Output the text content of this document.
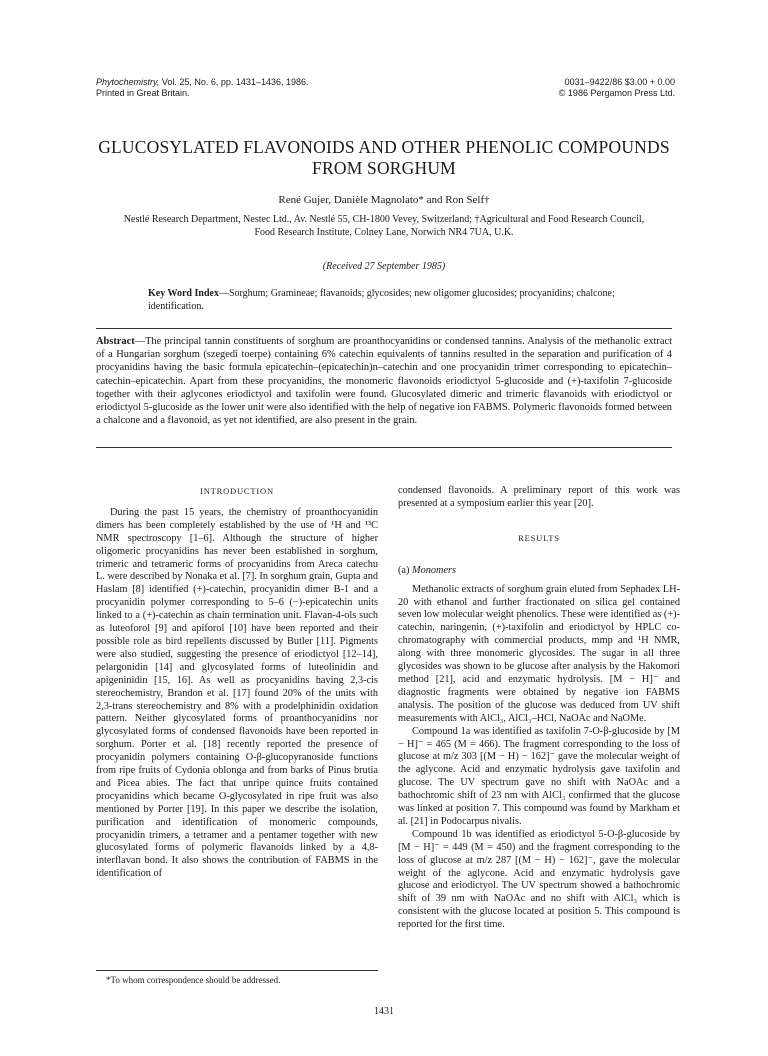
Phytochemistry, Vol. 25, No. 6, pp. 1431–1436, 1986.
Printed in Great Britain.
0031–9422/86 $3.00 + 0.00
© 1986 Pergamon Press Ltd.
GLUCOSYLATED FLAVONOIDS AND OTHER PHENOLIC COMPOUNDS
FROM SORGHUM
René Gujer, Danièle Magnolato* and Ron Self†
Nestlé Research Department, Nestec Ltd., Av. Nestlé 55, CH-1800 Vevey, Switzerland; †Agricultural and Food Research Council,
Food Research Institute, Colney Lane, Norwich NR4 7UA, U.K.
(Received 27 September 1985)
Key Word Index—Sorghum; Gramineae; flavanoids; glycosides; new oligomer glucosides; procyanidins; chalcone; identification.
Abstract—The principal tannin constituents of sorghum are proanthocyanidins or condensed tannins. Analysis of the methanolic extract of a Hungarian sorghum (szegedi toerpe) containing 6% catechin equivalents of tannins resulted in the separation and purification of 4 procyanidins having the basic formula epicatechin–(epicatechin)n–catechin and one procyanidin trimer corresponding to epicatechin–catechin–epicatechin. Apart from these procyanidins, the monomeric flavonoids eriodictyol 5-glucoside and (+)-taxifolin 7-glucoside together with their aglycones eriodictyol and taxifolin were found. Glucosylated dimeric and trimeric flavanoids with eriodictyol or eriodictyol 5-glucoside as the lower unit were also identified with the help of negative ion FABMS. Polymeric flavonoids formed between a chalcone and a flavonoid, as yet not identified, are also present in the grain.
INTRODUCTION

During the past 15 years, the chemistry of proanthocyanidin dimers has been completely established by the use of ¹H and ¹³C NMR spectroscopy [1–6]. Although the structure of higher oligomeric procyanidins has never been established in sorghum, trimeric and tetrameric forms of procyanidins from Areca catechu L. were described by Nonaka et al. [7]. In sorghum grain, Gupta and Haslam [8] identified (+)-catechin, procyanidin dimer B-1 and a procyanidin polymer corresponding to 5–6 (−)-epicatechin units linked to a (+)-catechin as chain termination unit. Flavan-4-ols such as luteoforol [9] and apiforol [10] have been reported and their possible role as bird repellents discussed by Butler [11]. Pigments were also studied, suggesting the presence of eriodictyol [12–14], pelargonidin [14] and glycosylated forms of luteolinidin and apigeninidin [15, 16]. As well as procyanidins having 2,3-cis stereochemistry, Brandon et al. [17] found 20% of the units with 2,3-trans stereochemistry and 8% with a prodelphinidin oxidation pattern. Neither glycosylated forms of proanthocyanidins nor glycosylated forms of condensed flavonoids have been reported in sorghum. Porter et al. [18] recently reported the presence of procyanidin polymers containing O-β-glucopyranoside functions from ripe fruits of Cydonia oblonga and from barks of Pinus brutia and Picea abies. The fact that unripe quince fruits contained procyanidins which became O-glycosylated in ripe fruit was also mentioned by Porter [19]. In this paper we describe the isolation, purification and identification of monomeric compounds, procyanidin trimers, a tetramer and a pentamer together with new glucosylated forms of polymeric flavanoids linked by a 4,8-interflavan bond. It also shows the contribution of FABMS in the identification of

condensed flavonoids. A preliminary report of this work was presented at a symposium earlier this year [20].

RESULTS
(a) Monomers

Methanolic extracts of sorghum grain eluted from Sephadex LH-20 with ethanol and further fractionated on silica gel contained seven low molecular weight phenolics. These were identified as (+)-catechin, naringenin, (+)-taxifolin and eriodictyol by HPLC co-chromatography with commercial products, mmp and ¹H NMR, along with three monomeric glycosides. The sugar in all three glycosides was shown to be glucose after analysis by the Hakomori method [21], acid and enzymatic hydrolysis. [M − H]⁻ and diagnostic fragments were obtained by negative ion FABMS analysis. The position of the glucose was deduced from UV shift measurements with AlCl₃, AlCl₃–HCl, NaOAc and NaOMe.

Compound 1a was identified as taxifolin 7-O-β-glucoside by [M − H]⁻ = 465 (M = 466). The fragment corresponding to the loss of glucose at m/z 303 [(M − H) − 162]⁻ gave the molecular weight of the aglycone. Acid and enzymatic hydrolysis gave taxifolin and glucose. The UV spectrum gave no shift with NaOAc and a bathochromic shift of 23 nm with AlCl₃ confirmed that the glucose was linked at position 7. This compound was found by Markham et al. [21] in Podocarpus nivalis.

Compound 1b was identified as eriodictyol 5-O-β-glucoside by [M − H]⁻ = 449 (M = 450) and the fragment corresponding to the loss of glucose at m/z 287 [(M − H) − 162]⁻, gave the molecular weight of the aglycone. Acid and enzymatic hydrolysis gave glucose and eriodictyol. The UV spectrum showed a bathochromic shift of 39 nm with NaOAc and no shift with AlCl₃ which is consistent with the glucose located at position 5. This compound is reported for the first time.

*To whom correspondence should be addressed.
1431
